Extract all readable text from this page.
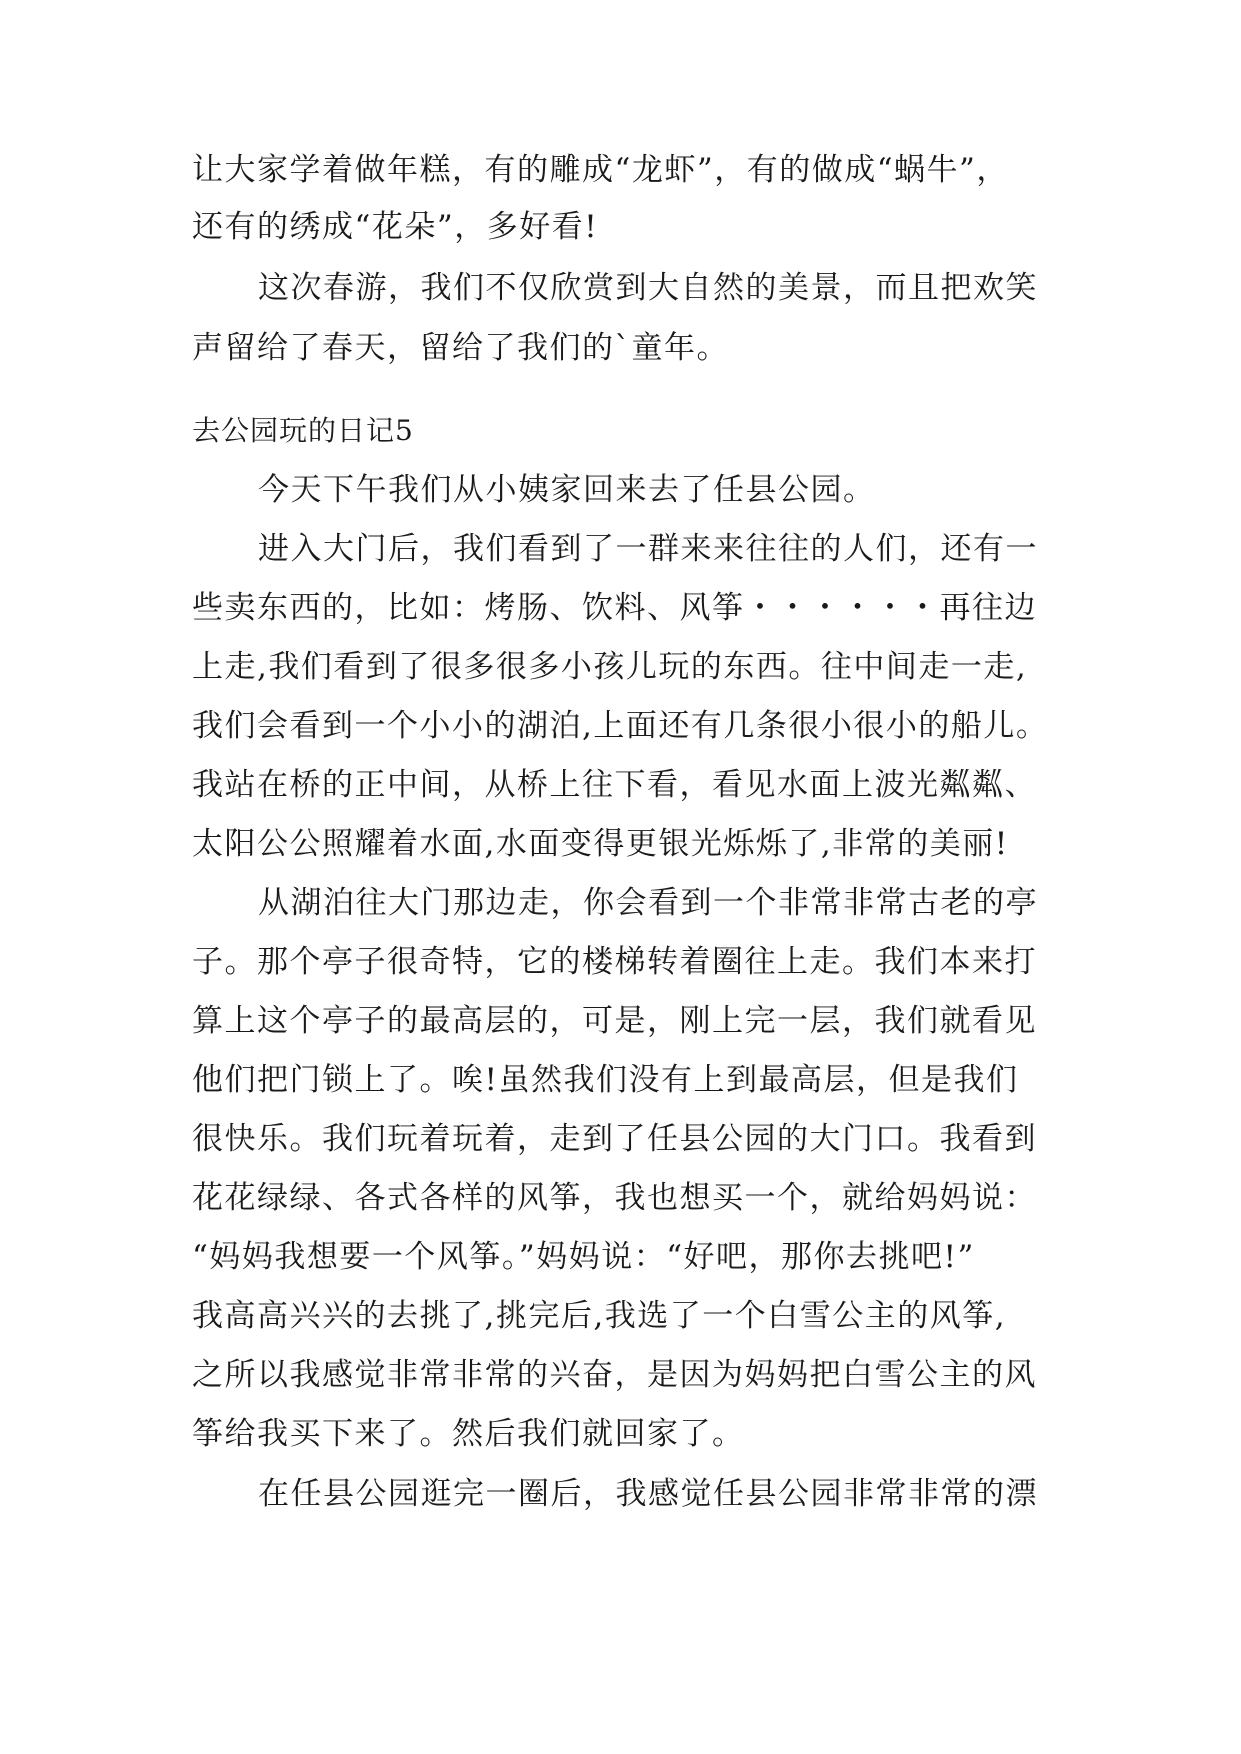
让大家学着做年糕，有的雕成“龙虾”，有的做成“蜗牛”，
还有的绣成“花朵”，多好看!
这次春游，我们不仅欣赏到大自然的美景，而且把欢笑
声留给了春天，留给了我们的`童年。
去公园玩的日记5
今天下午我们从小姨家回来去了任县公园。
进入大门后，我们看到了一群来来往往的人们，还有一
些卖东西的，比如：烤肠、饮料、风筝・・・・・・再往边
上走,我们看到了很多很多小孩儿玩的东西。往中间走一走,
我们会看到一个小小的湖泊,上面还有几条很小很小的船儿。
我站在桥的正中间，从桥上往下看，看见水面上波光粼粼、
太阳公公照耀着水面,水面变得更银光烁烁了,非常的美丽!
从湖泊往大门那边走，你会看到一个非常非常古老的亭
子。那个亭子很奇特，它的楼梯转着圈往上走。我们本来打
算上这个亭子的最高层的，可是，刚上完一层，我们就看见
他们把门锁上了。唉!虽然我们没有上到最高层，但是我们
很快乐。我们玩着玩着，走到了任县公园的大门口。我看到
花花绿绿、各式各样的风筝，我也想买一个，就给妈妈说：
“妈妈我想要一个风筝。”妈妈说：“好吧，那你去挑吧!”
我高高兴兴的去挑了,挑完后,我选了一个白雪公主的风筝,
之所以我感觉非常非常的兴奋，是因为妈妈把白雪公主的风
筝给我买下来了。然后我们就回家了。
在任县公园逛完一圈后，我感觉任县公园非常非常的漂
